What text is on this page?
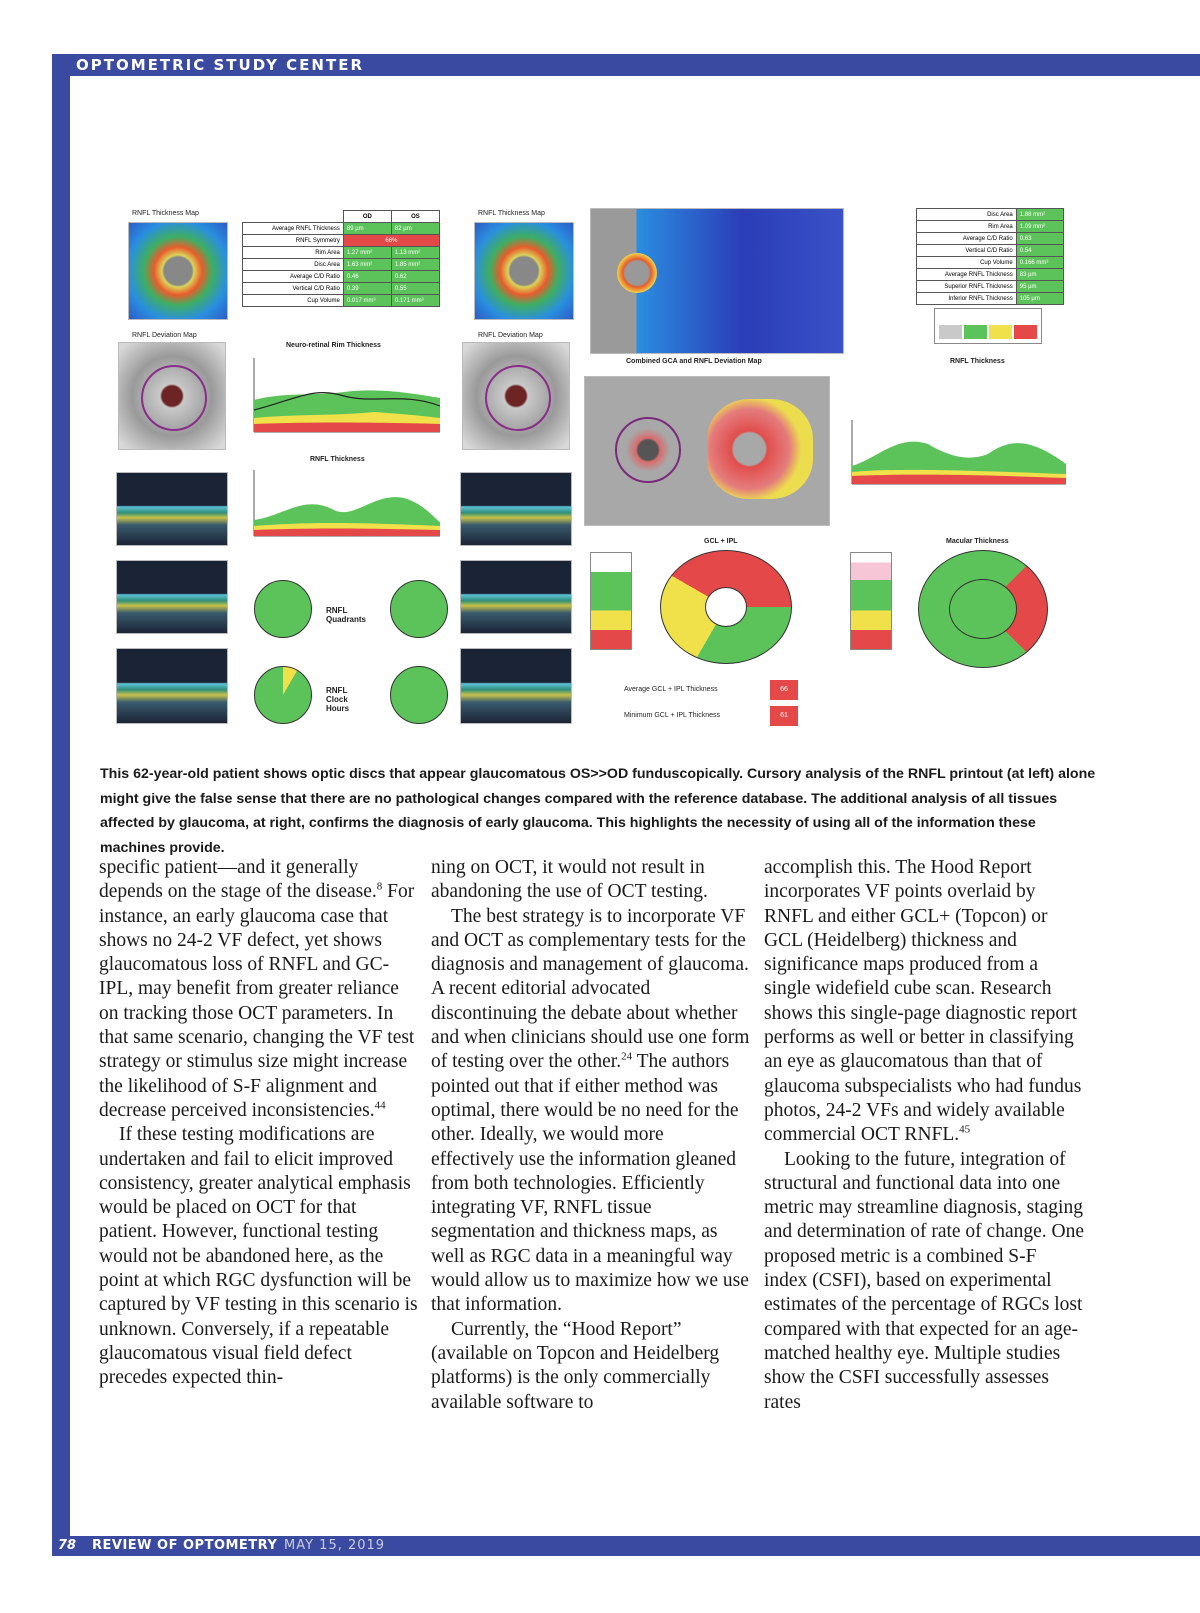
OPTOMETRIC STUDY CENTER
RNFL Thickness Map
		OD	OS
Average RNFL Thickness	89 µm	82 µm
RNFL Symmetry	66%	
Rim Area	1.27 mm²	1.13 mm²
Disc Area	1.63 mm²	1.85 mm²
Average C/D Ratio	0.46	0.62
Vertical C/D Ratio	0.39	0.55
Cup Volume	0.017 mm³	0.171 mm³
RNFL Thickness Map
RNFL Deviation Map	RNFL Deviation Map
Neuro-retinal Rim Thickness
RNFL Thickness
RNFL Quadrants
RNFL Clock Hours
Combined GCA and RNFL Deviation Map
Disc Area	1.88 mm²
Rim Area	1.09 mm²
Average C/D Ratio	0.63
Vertical C/D Ratio	0.54
Cup Volume	0.166 mm³
Average RNFL Thickness	83 µm
Superior RNFL Thickness	95 µm
Inferior RNFL Thickness	105 µm
RNFL Thickness
GCL + IPL
Average GCL + IPL Thickness	66
Minimum GCL + IPL Thickness	61
Macular Thickness
This 62-year-old patient shows optic discs that appear glaucomatous OS>>OD funduscopically. Cursory analysis of the RNFL printout (at left) alone might give the false sense that there are no pathological changes compared with the reference database. The additional analysis of all tissues affected by glaucoma, at right, confirms the diagnosis of early glaucoma. This highlights the necessity of using all of the information these machines provide.

specific patient—and it generally depends on the stage of the disease.$^8$ For instance, an early glaucoma case that shows no 24-2 VF defect, yet shows glaucomatous loss of RNFL and GC-IPL, may benefit from greater reliance on tracking those OCT parameters. In that same scenario, changing the VF test strategy or stimulus size might increase the likelihood of S-F alignment and decrease perceived inconsistencies.$^{44}$

If these testing modifications are undertaken and fail to elicit improved consistency, greater analytical emphasis would be placed on OCT for that patient. However, functional testing would not be abandoned here, as the point at which RGC dysfunction will be captured by VF testing in this scenario is unknown. Conversely, if a repeatable glaucomatous visual field defect precedes expected thin-

ning on OCT, it would not result in abandoning the use of OCT testing.

The best strategy is to incorporate VF and OCT as complementary tests for the diagnosis and management of glaucoma. A recent editorial advocated discontinuing the debate about whether and when clinicians should use one form of testing over the other.$^{24}$ The authors pointed out that if either method was optimal, there would be no need for the other. Ideally, we would more effectively use the information gleaned from both technologies. Efficiently integrating VF, RNFL tissue segmentation and thickness maps, as well as RGC data in a meaningful way would allow us to maximize how we use that information.

Currently, the “Hood Report” (available on Topcon and Heidelberg platforms) is the only commercially available software to

accomplish this. The Hood Report incorporates VF points overlaid by RNFL and either GCL+ (Topcon) or GCL (Heidelberg) thickness and significance maps produced from a single widefield cube scan. Research shows this single-page diagnostic report performs as well or better in classifying an eye as glaucomatous than that of glaucoma subspecialists who had fundus photos, 24-2 VFs and widely available commercial OCT RNFL.$^{45}$

Looking to the future, integration of structural and functional data into one metric may streamline diagnosis, staging and determination of rate of change. One proposed metric is a combined S-F index (CSFI), based on experimental estimates of the percentage of RGCs lost compared with that expected for an age-matched healthy eye. Multiple studies show the CSFI successfully assesses rates

78 REVIEW OF OPTOMETRY MAY 15, 2019
